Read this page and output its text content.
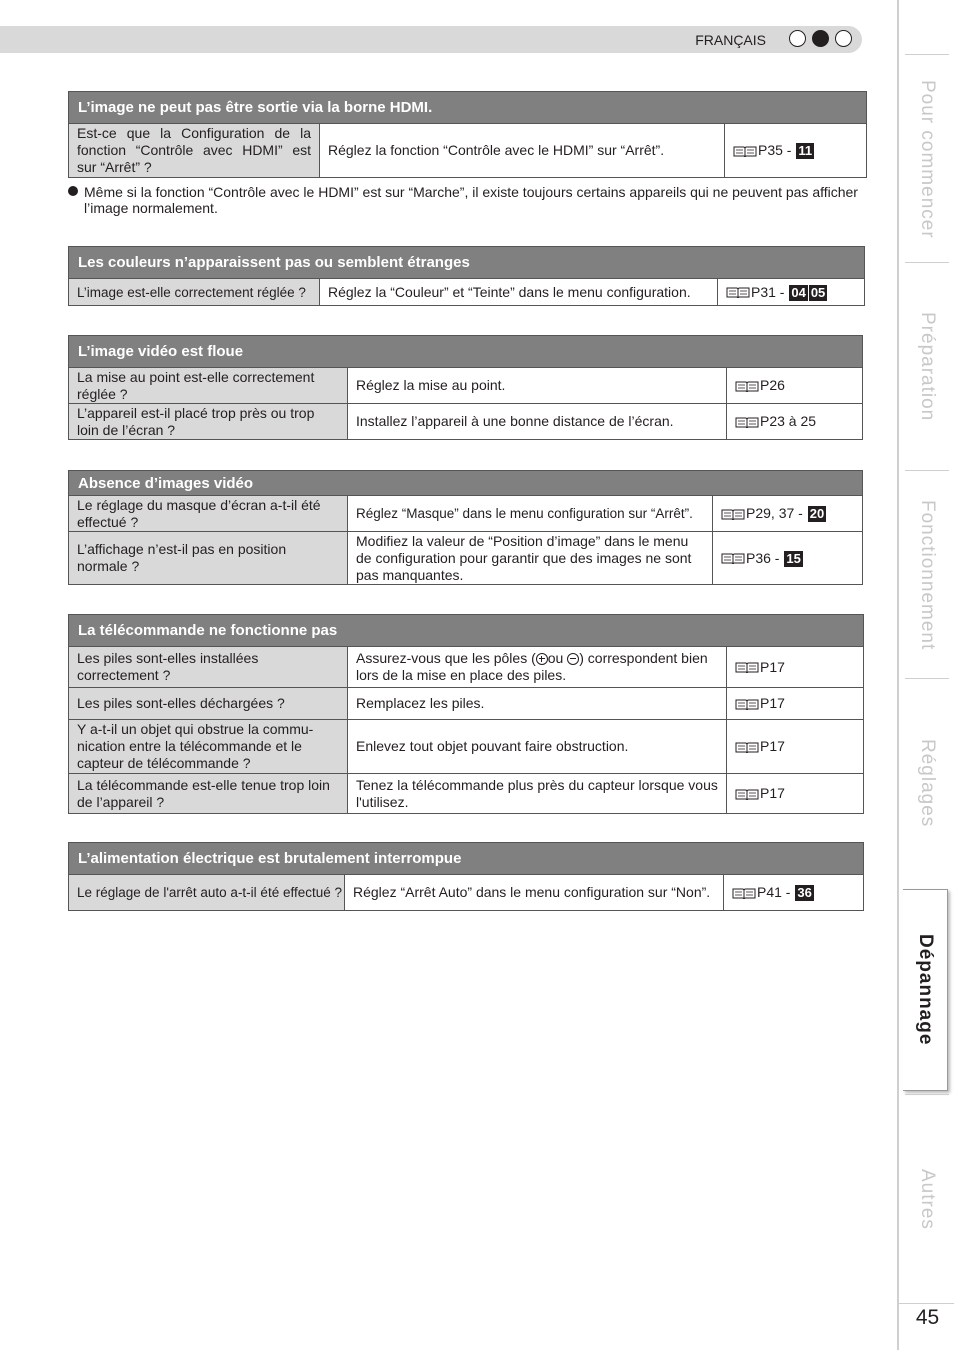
FRANÇAIS
Pour commencer
Préparation
Fonctionnement
Réglages
Dépannage
Autres
45
L’image ne peut pas être sortie via la borne HDMI.
Est-ce que la Configuration de la fonction “Contrôle avec HDMI” est sur “Arrêt” ?	Réglez la fonction “Contrôle avec le HDMI” sur “Arrêt”.	P35 - 11
Même si la fonction “Contrôle avec le HDMI” est sur “Marche”, il existe toujours certains appareils qui ne peuvent pas afficher l’image normalement.
Les couleurs n’apparaissent pas ou semblent étranges
L’image est-elle correctement réglée ?	Réglez la “Couleur” et “Teinte” dans le menu configuration.	P31 - 04 05
L’image vidéo est floue		
La mise au point est-elle correctement réglée ?	Réglez la mise au point.	P26
L’appareil est-il placé trop près ou trop loin de l’écran ?	Installez l’appareil à une bonne distance de l’écran.	P23 à 25
Absence d’images vidéo		
Le réglage du masque d’écran a-t-il été effectué ?	Réglez “Masque” dans le menu configuration sur “Arrêt”.	P29, 37 - 20
L’affichage n’est-il pas en position normale ?	Modifiez la valeur de “Position d’image” dans le menu de configuration pour garantir que des images ne sont pas manquantes.	P36 - 15
La télécommande ne fonctionne pas		
Les piles sont-elles installées correctement ?	Assurez-vous que les pôles ( ou ) correspondent bien lors de la mise en place des piles.	P17
Les piles sont-elles déchargées ?	Remplacez les piles.	P17
Y a-t-il un objet qui obstrue la commu-nication entre la télécommande et le capteur de télécommande ?	Enlevez tout objet pouvant faire obstruction.	P17
La télécommande est-elle tenue trop loin de l’appareil ?	Tenez la télécommande plus près du capteur lorsque vous l'utilisez.	P17
L’alimentation électrique est brutalement interrompue
Le réglage de l'arrêt auto a-t-il été effectué ?	Réglez “Arrêt Auto” dans le menu configuration sur “Non”.	P41 - 36
